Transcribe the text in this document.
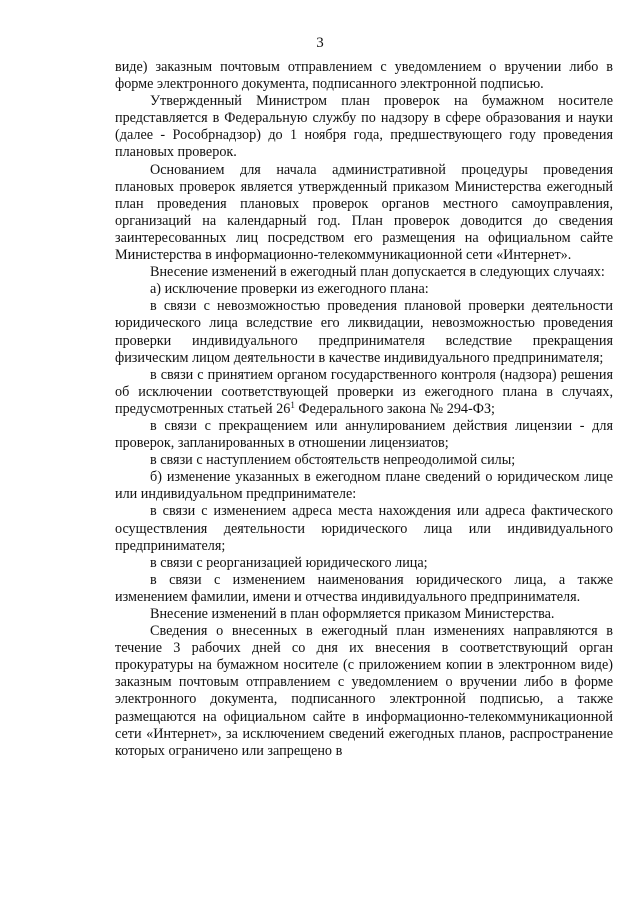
3

виде) заказным почтовым отправлением с уведомлением о вручении либо в форме электронного документа, подписанного электронной подписью.

Утвержденный Министром план проверок на бумажном носителе представляется в Федеральную службу по надзору в сфере образования и науки (далее - Рособрнадзор) до 1 ноября года, предшествующего году проведения плановых проверок.

Основанием для начала административной процедуры проведения плановых проверок является утвержденный приказом Министерства ежегодный план проведения плановых проверок органов местного самоуправления, организаций на календарный год. План проверок доводится до сведения заинтересованных лиц посредством его размещения на официальном сайте Министерства в информационно-телекоммуникационной сети «Интернет».

Внесение изменений в ежегодный план допускается в следующих случаях:

а) исключение проверки из ежегодного плана:

в связи с невозможностью проведения плановой проверки деятельности юридического лица вследствие его ликвидации, невозможностью проведения проверки индивидуального предпринимателя вследствие прекращения физическим лицом деятельности в качестве индивидуального предпринимателя;

в связи с принятием органом государственного контроля (надзора) решения об исключении соответствующей проверки из ежегодного плана в случаях, предусмотренных статьей $26^1$ Федерального закона № 294-ФЗ;

в связи с прекращением или аннулированием действия лицензии - для проверок, запланированных в отношении лицензиатов;

в связи с наступлением обстоятельств непреодолимой силы;

б) изменение указанных в ежегодном плане сведений о юридическом лице или индивидуальном предпринимателе:

в связи с изменением адреса места нахождения или адреса фактического осуществления деятельности юридического лица или индивидуального предпринимателя;

в связи с реорганизацией юридического лица;

в связи с изменением наименования юридического лица, а также изменением фамилии, имени и отчества индивидуального предпринимателя.

Внесение изменений в план оформляется приказом Министерства.

Сведения о внесенных в ежегодный план изменениях направляются в течение 3 рабочих дней со дня их внесения в соответствующий орган прокуратуры на бумажном носителе (с приложением копии в электронном виде) заказным почтовым отправлением с уведомлением о вручении либо в форме электронного документа, подписанного электронной подписью, а также размещаются на официальном сайте в информационно-телекоммуникационной сети «Интернет», за исключением сведений ежегодных планов, распространение которых ограничено или запрещено в
